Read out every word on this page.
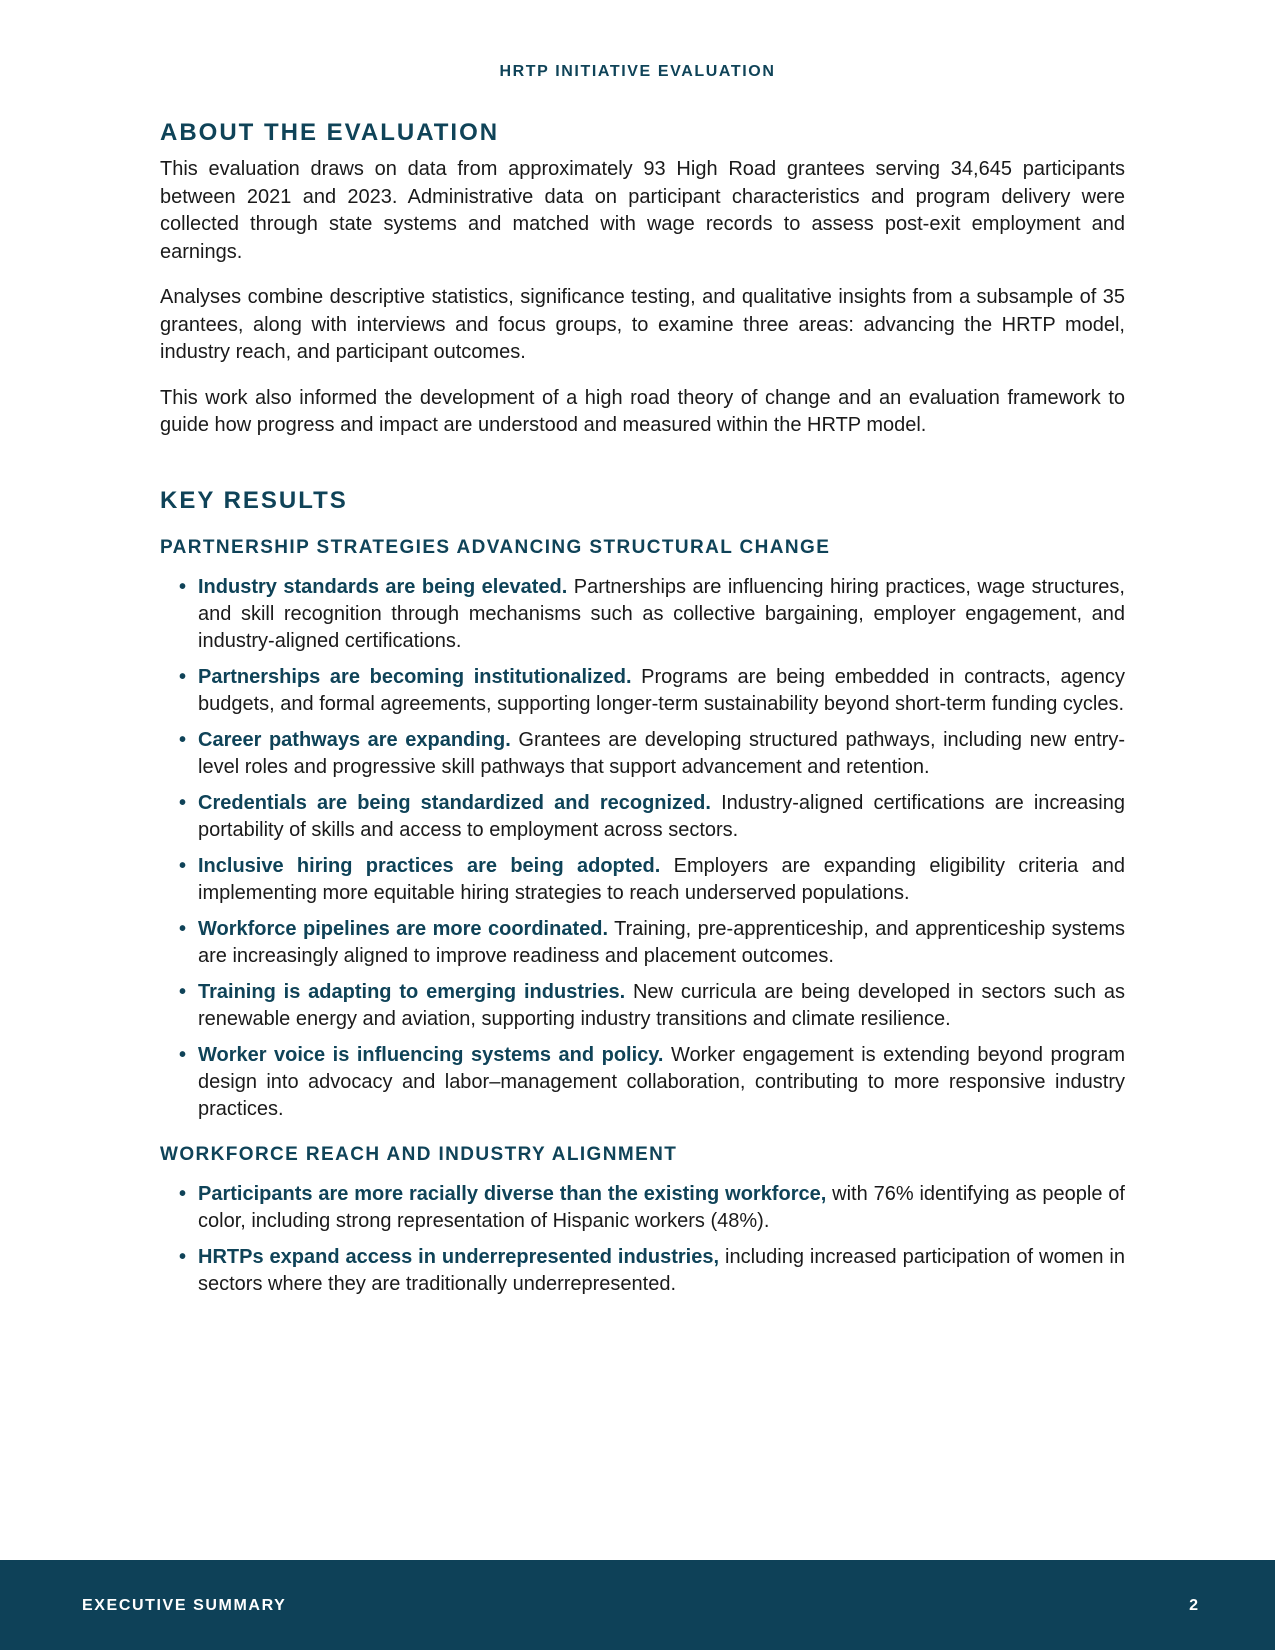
HRTP INITIATIVE EVALUATION
ABOUT THE EVALUATION

This evaluation draws on data from approximately 93 High Road grantees serving 34,645 participants between 2021 and 2023. Administrative data on participant characteristics and program delivery were collected through state systems and matched with wage records to assess post-exit employment and earnings.

Analyses combine descriptive statistics, significance testing, and qualitative insights from a subsample of 35 grantees, along with interviews and focus groups, to examine three areas: advancing the HRTP model, industry reach, and participant outcomes.

This work also informed the development of a high road theory of change and an evaluation framework to guide how progress and impact are understood and measured within the HRTP model.

KEY RESULTS
PARTNERSHIP STRATEGIES ADVANCING STRUCTURAL CHANGE
• Industry standards are being elevated. Partnerships are influencing hiring practices, wage structures, and skill recognition through mechanisms such as collective bargaining, employer engagement, and industry-aligned certifications.
• Partnerships are becoming institutionalized. Programs are being embedded in contracts, agency budgets, and formal agreements, supporting longer-term sustainability beyond short-term funding cycles.
• Career pathways are expanding. Grantees are developing structured pathways, including new entry-level roles and progressive skill pathways that support advancement and retention.
• Credentials are being standardized and recognized. Industry-aligned certifications are increasing portability of skills and access to employment across sectors.
• Inclusive hiring practices are being adopted. Employers are expanding eligibility criteria and implementing more equitable hiring strategies to reach underserved populations.
• Workforce pipelines are more coordinated. Training, pre-apprenticeship, and apprenticeship systems are increasingly aligned to improve readiness and placement outcomes.
• Training is adapting to emerging industries. New curricula are being developed in sectors such as renewable energy and aviation, supporting industry transitions and climate resilience.
• Worker voice is influencing systems and policy. Worker engagement is extending beyond program design into advocacy and labor–management collaboration, contributing to more responsive industry practices.
WORKFORCE REACH AND INDUSTRY ALIGNMENT
• Participants are more racially diverse than the existing workforce, with 76% identifying as people of color, including strong representation of Hispanic workers (48%).
• HRTPs expand access in underrepresented industries, including increased participation of women in sectors where they are traditionally underrepresented.
EXECUTIVE SUMMARY	2
